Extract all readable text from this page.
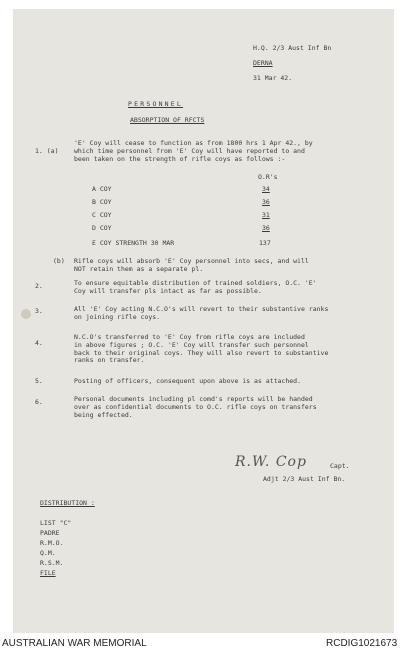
H.Q. 2/3 Aust Inf Bn
DERNA
31 Mar 42.
PERSONNEL
ABSORPTION OF RFCTS
1. (a)
'E' Coy will cease to function as from 1800 hrs 1 Apr 42., by
which time personnel from 'E' Coy will have reported to and
been taken on the strength of rifle coys as follows :-
O.R's
A COY	34
B COY	36
C COY	31
D COY	36
E COY STRENGTH 30 MAR	137
(b) Rifle coys will absorb 'E' Coy personnel into secs, and will
NOT retain them as a separate pl.
2.	To ensure equitable distribution of trained soldiers, O.C. 'E'
Coy will transfer pls intact as far as possible.
3.	All 'E' Coy acting N.C.O's will revert to their substantive ranks
on joining rifle coys.
4.
N.C.O's transferred to 'E' Coy from rifle coys are included
in above figures ; O.C. 'E' Coy will transfer such personnel
back to their original coys. They will also revert to substantive
ranks on transfer.
5.	Posting of officers, consequent upon above is as attached.
6.	Personal documents including pl comd's reports will be handed
over as confidential documents to O.C. rifle coys on transfers
being effected.
R.W. Cop	Capt.
Adjt 2/3 Aust Inf Bn.
DISTRIBUTION :
LIST "C"
PADRE
R.M.O.
Q.M.
R.S.M.
FILE
AUSTRALIAN WAR MEMORIAL	RCDIG1021673
